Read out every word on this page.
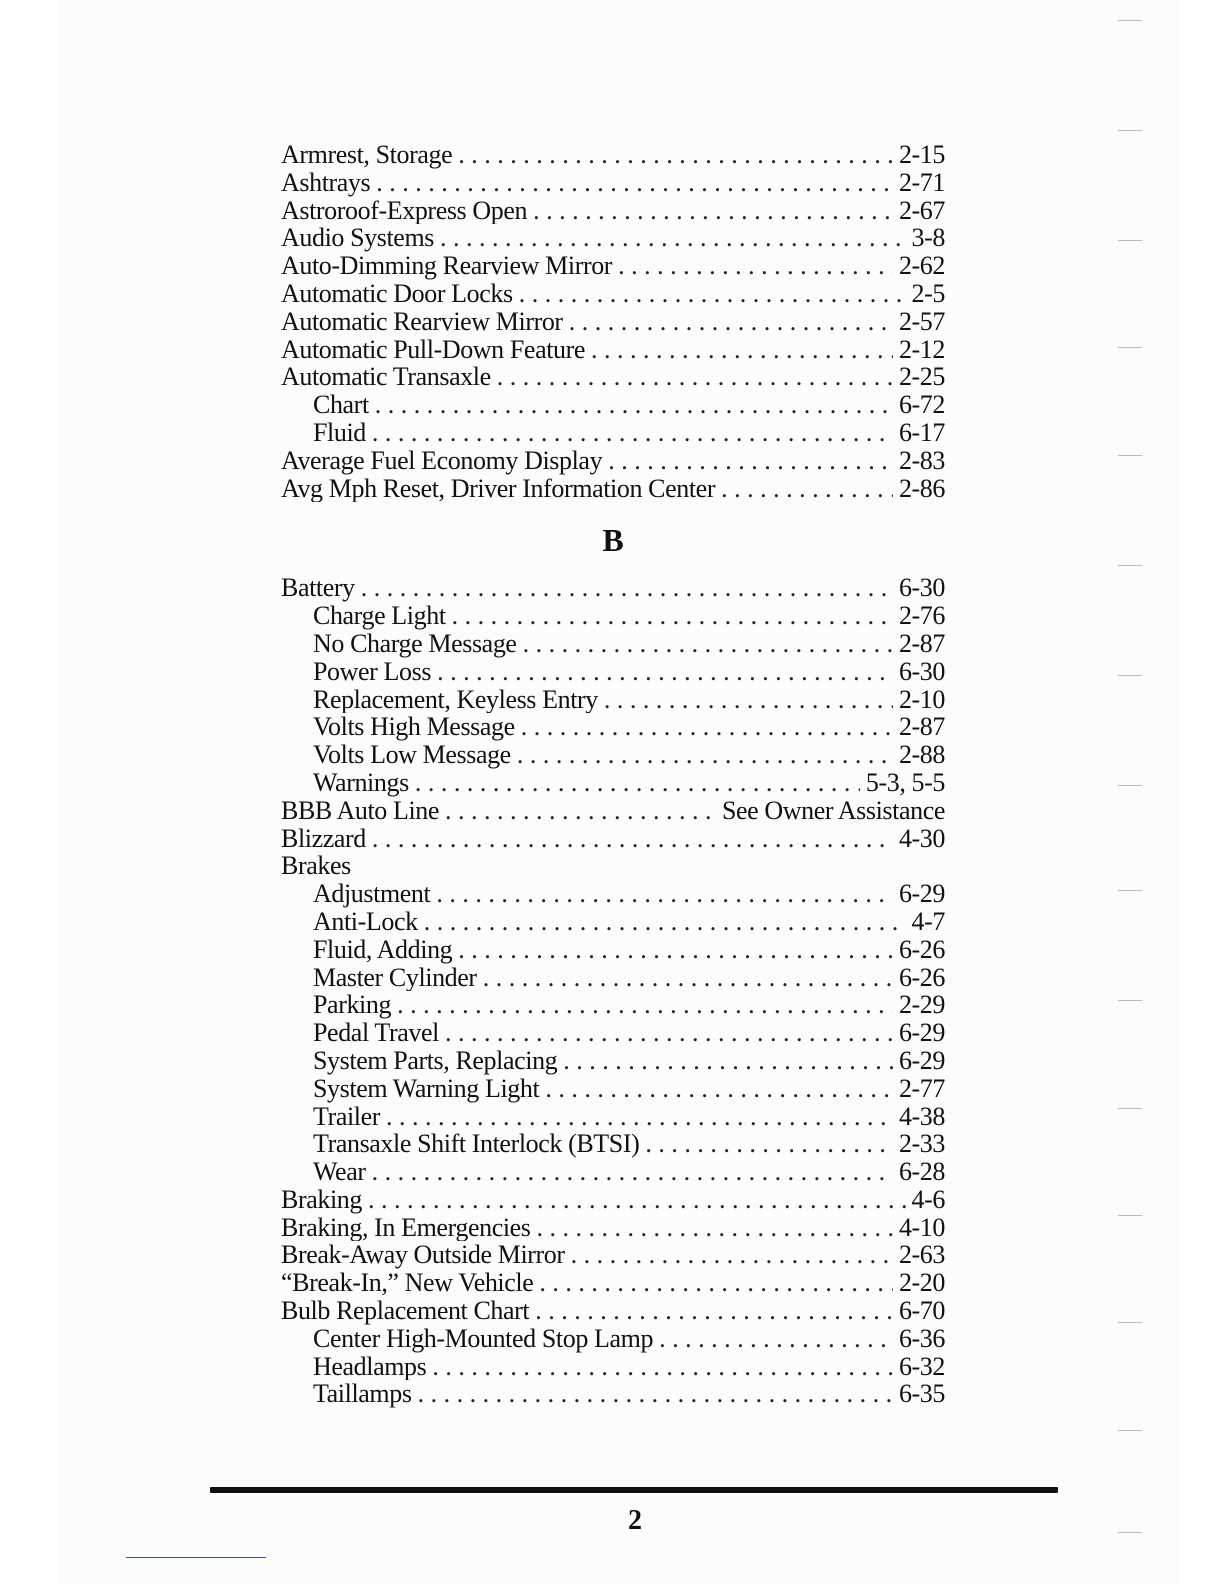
Armrest, Storage . . .	2-15
Ashtrays . . .	2-71
Astroroof-Express Open . . .	2-67
Audio Systems . . .	3-8
Auto-Dimming Rearview Mirror . . .	2-62
Automatic Door Locks . . .	2-5
Automatic Rearview Mirror . . .	2-57
Automatic Pull-Down Feature . . .	2-12
Automatic Transaxle . . .	2-25
Chart . . .	6-72
Fluid . . .	6-17
Average Fuel Economy Display . . .	2-83
Avg Mph Reset, Driver Information Center . . .	2-86
B
Battery . . .	6-30
Charge Light . . .	2-76
No Charge Message . . .	2-87
Power Loss . . .	6-30
Replacement, Keyless Entry . . .	2-10
Volts High Message . . .	2-87
Volts Low Message . . .	2-88
Warnings . . .	5-3, 5-5
BBB Auto Line . . .	See Owner Assistance
Blizzard . . .	4-30
Brakes
Adjustment . . .	6-29
Anti-Lock . . .	4-7
Fluid, Adding . . .	6-26
Master Cylinder . . .	6-26
Parking . . .	2-29
Pedal Travel . . .	6-29
System Parts, Replacing . . .	6-29
System Warning Light . . .	2-77
Trailer . . .	4-38
Transaxle Shift Interlock (BTSI) . . .	2-33
Wear . . .	6-28
Braking . . .	4-6
Braking, In Emergencies . . .	4-10
Break-Away Outside Mirror . . .	2-63
“Break-In,” New Vehicle . . .	2-20
Bulb Replacement Chart . . .	6-70
Center High-Mounted Stop Lamp . . .	6-36
Headlamps . . .	6-32
Taillamps . . .	6-35
2
